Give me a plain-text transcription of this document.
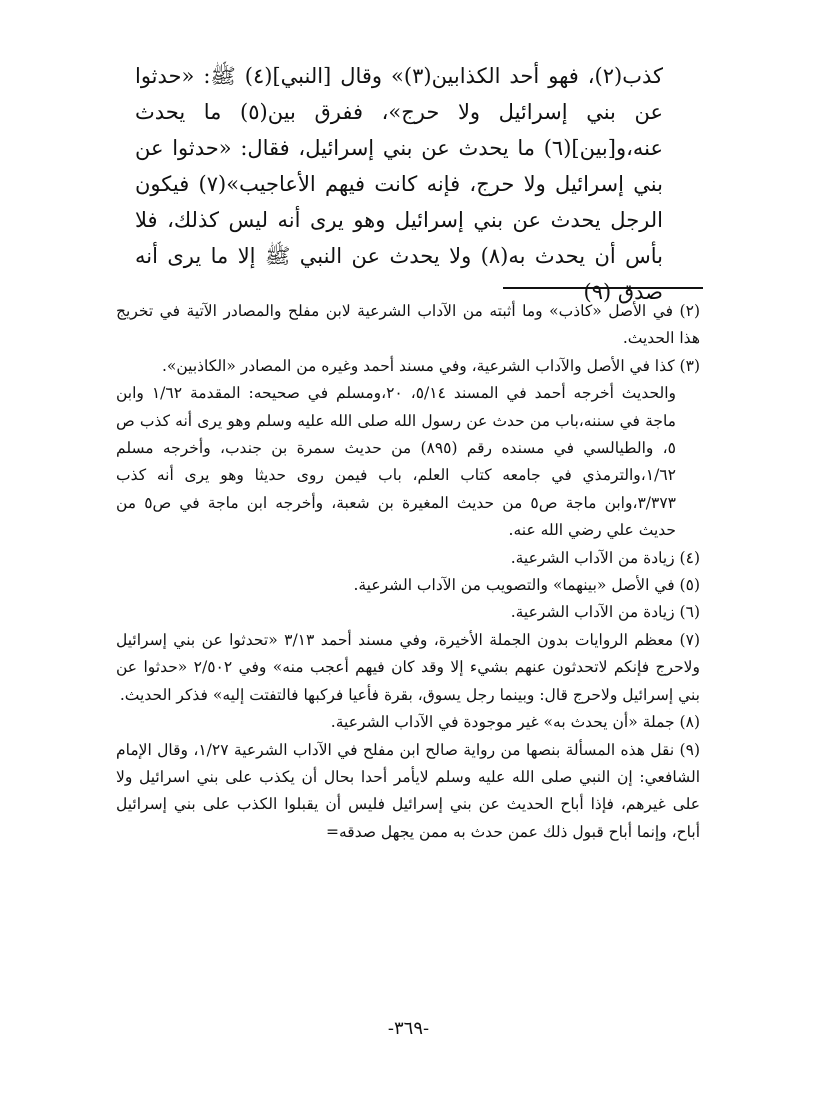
كذب(٢)، فهو أحد الكذابين(٣)» وقال [النبي](٤) ﷺ: «حدثوا عن بني إسرائيل ولا حرج»، ففرق بين(٥) ما يحدث عنه،و[بين](٦) ما يحدث عن بني إسرائيل، فقال: «حدثوا عن بني إسرائيل ولا حرج، فإنه كانت فيهم الأعاجيب»(٧) فيكون الرجل يحدث عن بني إسرائيل وهو يرى أنه ليس كذلك، فلا بأس أن يحدث به(٨) ولا يحدث عن النبي ﷺ إلا ما يرى أنه صدق (٩)

(٢) في الأصل «كاذب» وما أثبته من الآداب الشرعية لابن مفلح والمصادر الآتية في تخريج هذا الحديث.

(٣) كذا في الأصل والآداب الشرعية، وفي مسند أحمد وغيره من المصادر «الكاذبين».

والحديث أخرجه أحمد في المسند ٥/١٤، ٢٠،ومسلم في صحيحه: المقدمة ١/٦٢ وابن ماجة في سننه،باب من حدث عن رسول الله صلى الله عليه وسلم وهو يرى أنه كذب ص ٥، والطيالسي في مسنده رقم (٨٩٥) من حديث سمرة بن جندب، وأخرجه مسلم ١/٦٢،والترمذي في جامعه كتاب العلم، باب فيمن روى حديثا وهو يرى أنه كذب ٣/٣٧٣،وابن ماجة ص٥ من حديث المغيرة بن شعبة، وأخرجه ابن ماجة في ص٥ من حديث علي رضي الله عنه.

(٤) زيادة من الآداب الشرعية.

(٥) في الأصل «بينهما» والتصويب من الآداب الشرعية.

(٦) زيادة من الآداب الشرعية.

(٧) معظم الروايات بدون الجملة الأخيرة، وفي مسند أحمد ٣/١٣ «تحدثوا عن بني إسرائيل ولاحرج فإنكم لاتحدثون عنهم بشيء إلا وقد كان فيهم أعجب منه» وفي ٢/٥٠٢ «حدثوا عن بني إسرائيل ولاحرج قال: وبينما رجل يسوق، بقرة فأعيا فركبها فالتفتت إليه» فذكر الحديث.

(٨) جملة «أن يحدث به» غير موجودة في الآداب الشرعية.

(٩) نقل هذه المسألة بنصها من رواية صالح ابن مفلح في الآداب الشرعية ١/٢٧، وقال الإمام الشافعي: إن النبي صلى الله عليه وسلم لايأمر أحدا بحال أن يكذب على بني اسرائيل ولا على غيرهم، فإذا أباح الحديث عن بني إسرائيل فليس أن يقبلوا الكذب على بني إسرائيل أباح، وإنما أباح قبول ذلك عمن حدث به ممن يجهل صدقه=

-٣٦٩-
